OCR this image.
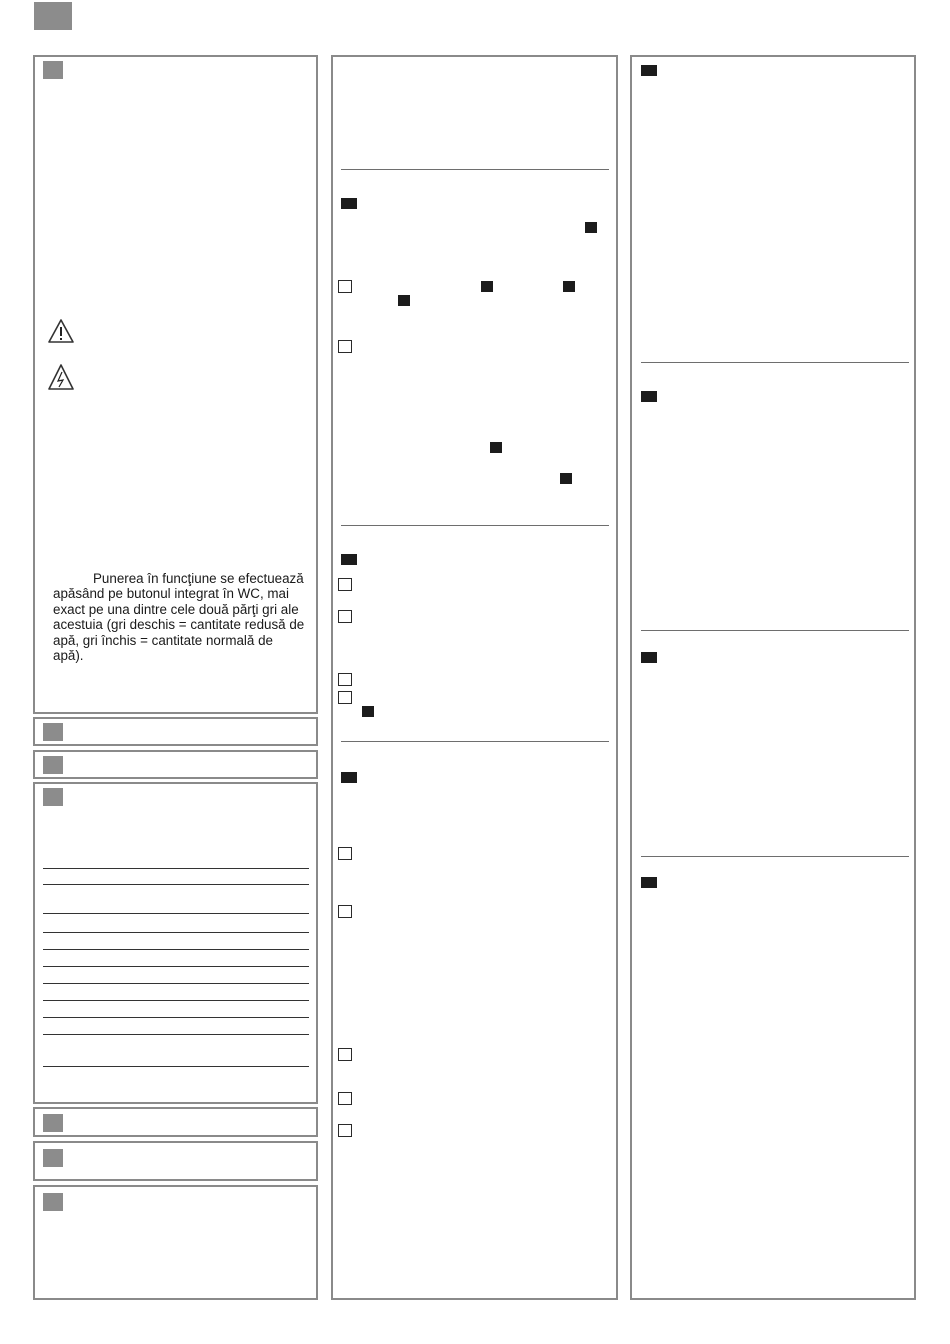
Punerea în funcţiune se efectuează apăsând pe butonul integrat în WC, mai exact pe una dintre cele două părţi gri ale acestuia (gri deschis = cantitate redusă de apă, gri închis = cantitate normală de apă).
